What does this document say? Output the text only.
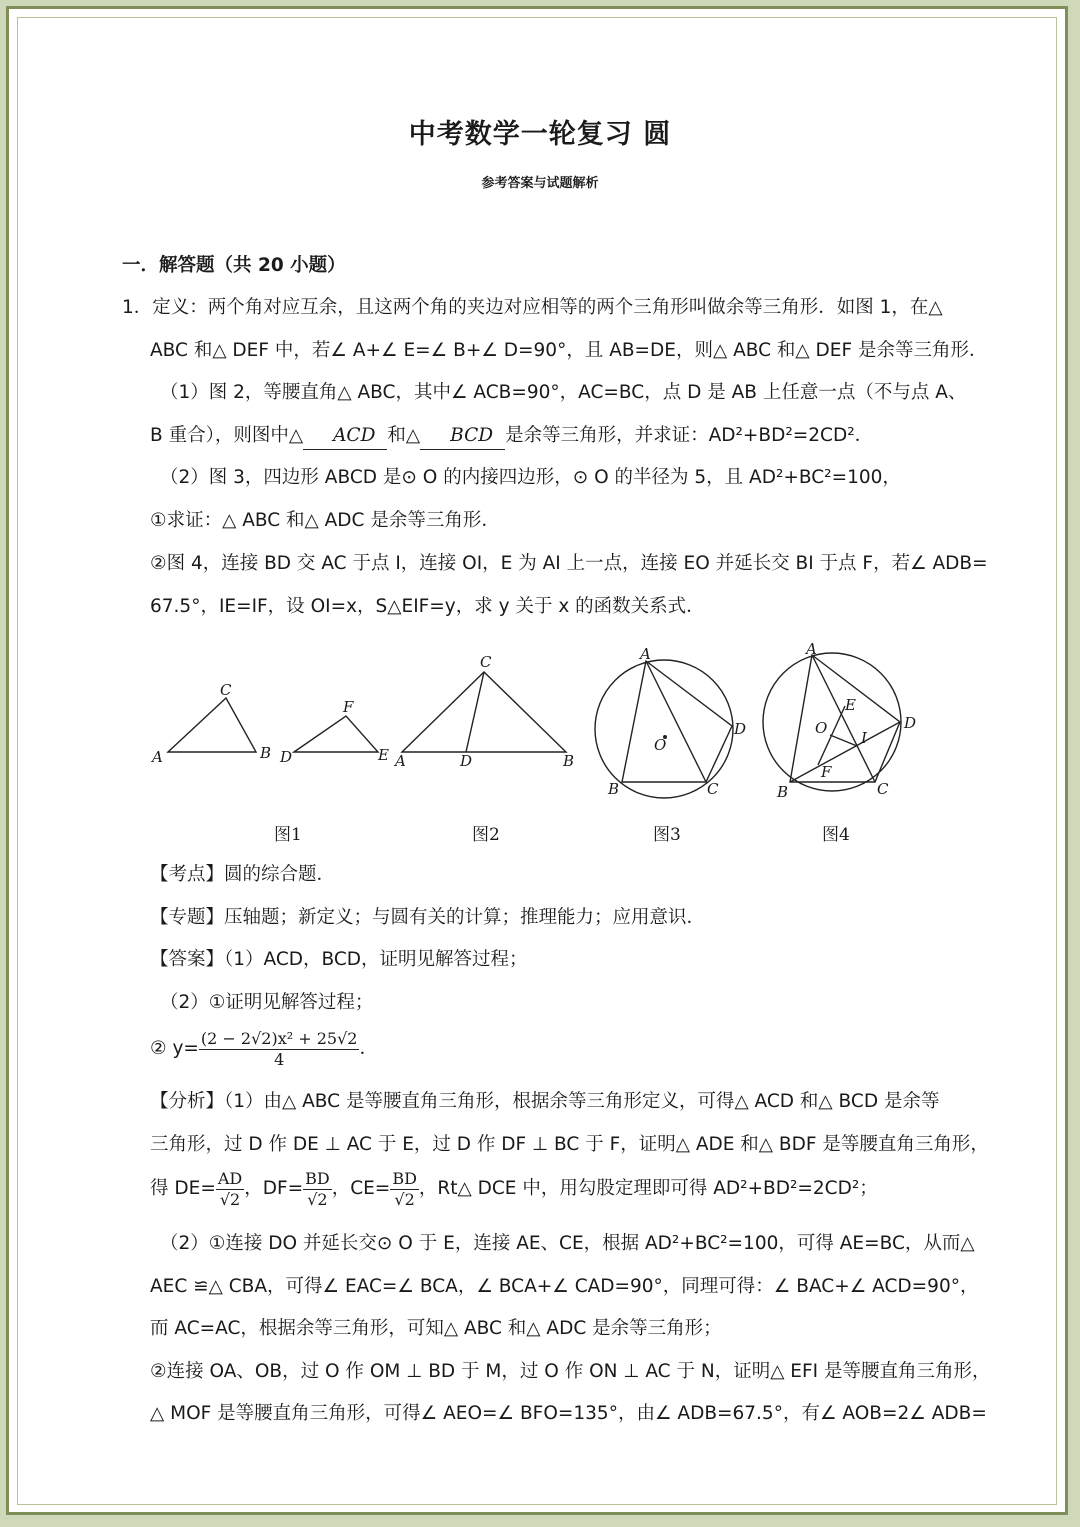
中考数学一轮复习 圆
参考答案与试题解析
一．解答题（共 20 小题）
1．定义：两个角对应互余，且这两个角的夹边对应相等的两个三角形叫做余等三角形．如图 1，在△
ABC 和△ DEF 中，若∠ A+∠ E=∠ B+∠ D=90°，且 AB=DE，则△ ABC 和△ DEF 是余等三角形．
（1）图 2，等腰直角△ ABC，其中∠ ACB=90°，AC=BC，点 D 是 AB 上任意一点（不与点 A、
B 重合），则图中△ ACD 和△ BCD 是余等三角形，并求证：AD²+BD²=2CD²．
（2）图 3，四边形 ABCD 是⊙ O 的内接四边形，⊙ O 的半径为 5，且 AD²+BC²=100，
①求证：△ ABC 和△ ADC 是余等三角形．
②图 4，连接 BD 交 AC 于点 I，连接 OI，E 为 AI 上一点，连接 EO 并延长交 BI 于点 F，若∠ ADB=
67.5°，IE=IF，设 OI=x，S△EIF=y，求 y 关于 x 的函数关系式．
A	B
C
D	E
F
A	D	B
C	A
D
B	C
O
A
D
B	C
O
E
I
F
图1	图2	图3	图4
【考点】圆的综合题．
【专题】压轴题；新定义；与圆有关的计算；推理能力；应用意识．
【答案】（1）ACD，BCD，证明见解答过程；
（2）①证明见解答过程；
② $y= \frac{\text{(2 − 2√2)x² + 25√2}}{4}$ ．
【分析】（1）由△ ABC 是等腰直角三角形，根据余等三角形定义，可得△ ACD 和△ BCD 是余等
三角形，过 D 作 DE ⊥ AC 于 E，过 D 作 DF ⊥ BC 于 F，证明△ ADE 和△ BDF 是等腰直角三角形，
得 $DE= \frac{AD}{√2}$ ，$DF= \frac{BD}{√2}$ ，$CE= \frac{BD}{√2}$ ，Rt△ DCE 中，用勾股定理即可得 AD²+BD²=2CD²；
（2）①连接 DO 并延长交⊙ O 于 E，连接 AE、CE，根据 AD²+BC²=100，可得 AE=BC，从而△
AEC ≌△ CBA，可得∠ EAC=∠ BCA，∠ BCA+∠ CAD=90°，同理可得：∠ BAC+∠ ACD=90°，
而 AC=AC，根据余等三角形，可知△ ABC 和△ ADC 是余等三角形；
②连接 OA、OB，过 O 作 OM ⊥ BD 于 M，过 O 作 ON ⊥ AC 于 N，证明△ EFI 是等腰直角三角形，
△ MOF 是等腰直角三角形，可得∠ AEO=∠ BFO=135°，由∠ ADB=67.5°，有∠ AOB=2∠ ADB=
